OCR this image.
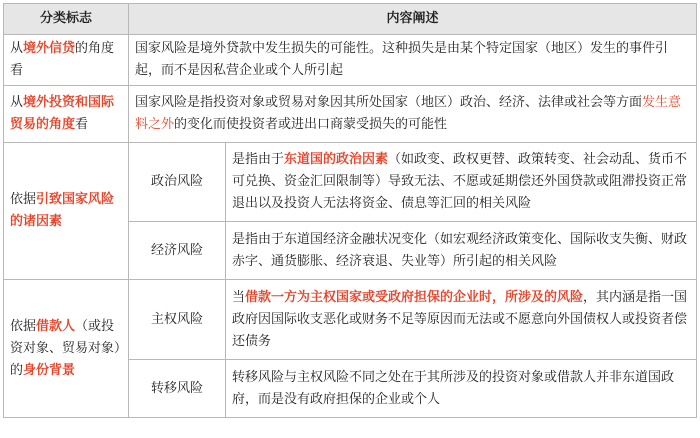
分类标志	内容阐述	
从境外信贷的角度看	国家风险是境外贷款中发生损失的可能性。这种损失是由某个特定国家（地区）发生的事件引起，而不是因私营企业或个人所引起	
从境外投资和国际贸易的角度看	国家风险是指投资对象或贸易对象因其所处国家（地区）政治、经济、法律或社会等方面发生意料之外的变化而使投资者或进出口商蒙受损失的可能性	
依据引致国家风险的诸因素	政治风险	是指由于东道国的政治因素（如政变、政权更替、政策转变、社会动乱、货币不可兑换、资金汇回限制等）导致无法、不愿或延期偿还外国贷款或阻滞投资正常退出以及投资人无法将资金、债息等汇回的相关风险
	经济风险	是指由于东道国经济金融状况变化（如宏观经济政策变化、国际收支失衡、财政赤字、通货膨胀、经济衰退、失业等）所引起的相关风险
依据借款人（或投资对象、贸易对象）的身份背景	主权风险	当借款一方为主权国家或受政府担保的企业时，所涉及的风险，其内涵是指一国政府因国际收支恶化或财务不足等原因而无法或不愿意向外国债权人或投资者偿还债务
	转移风险	转移风险与主权风险不同之处在于其所涉及的投资对象或借款人并非东道国政府，而是没有政府担保的企业或个人
